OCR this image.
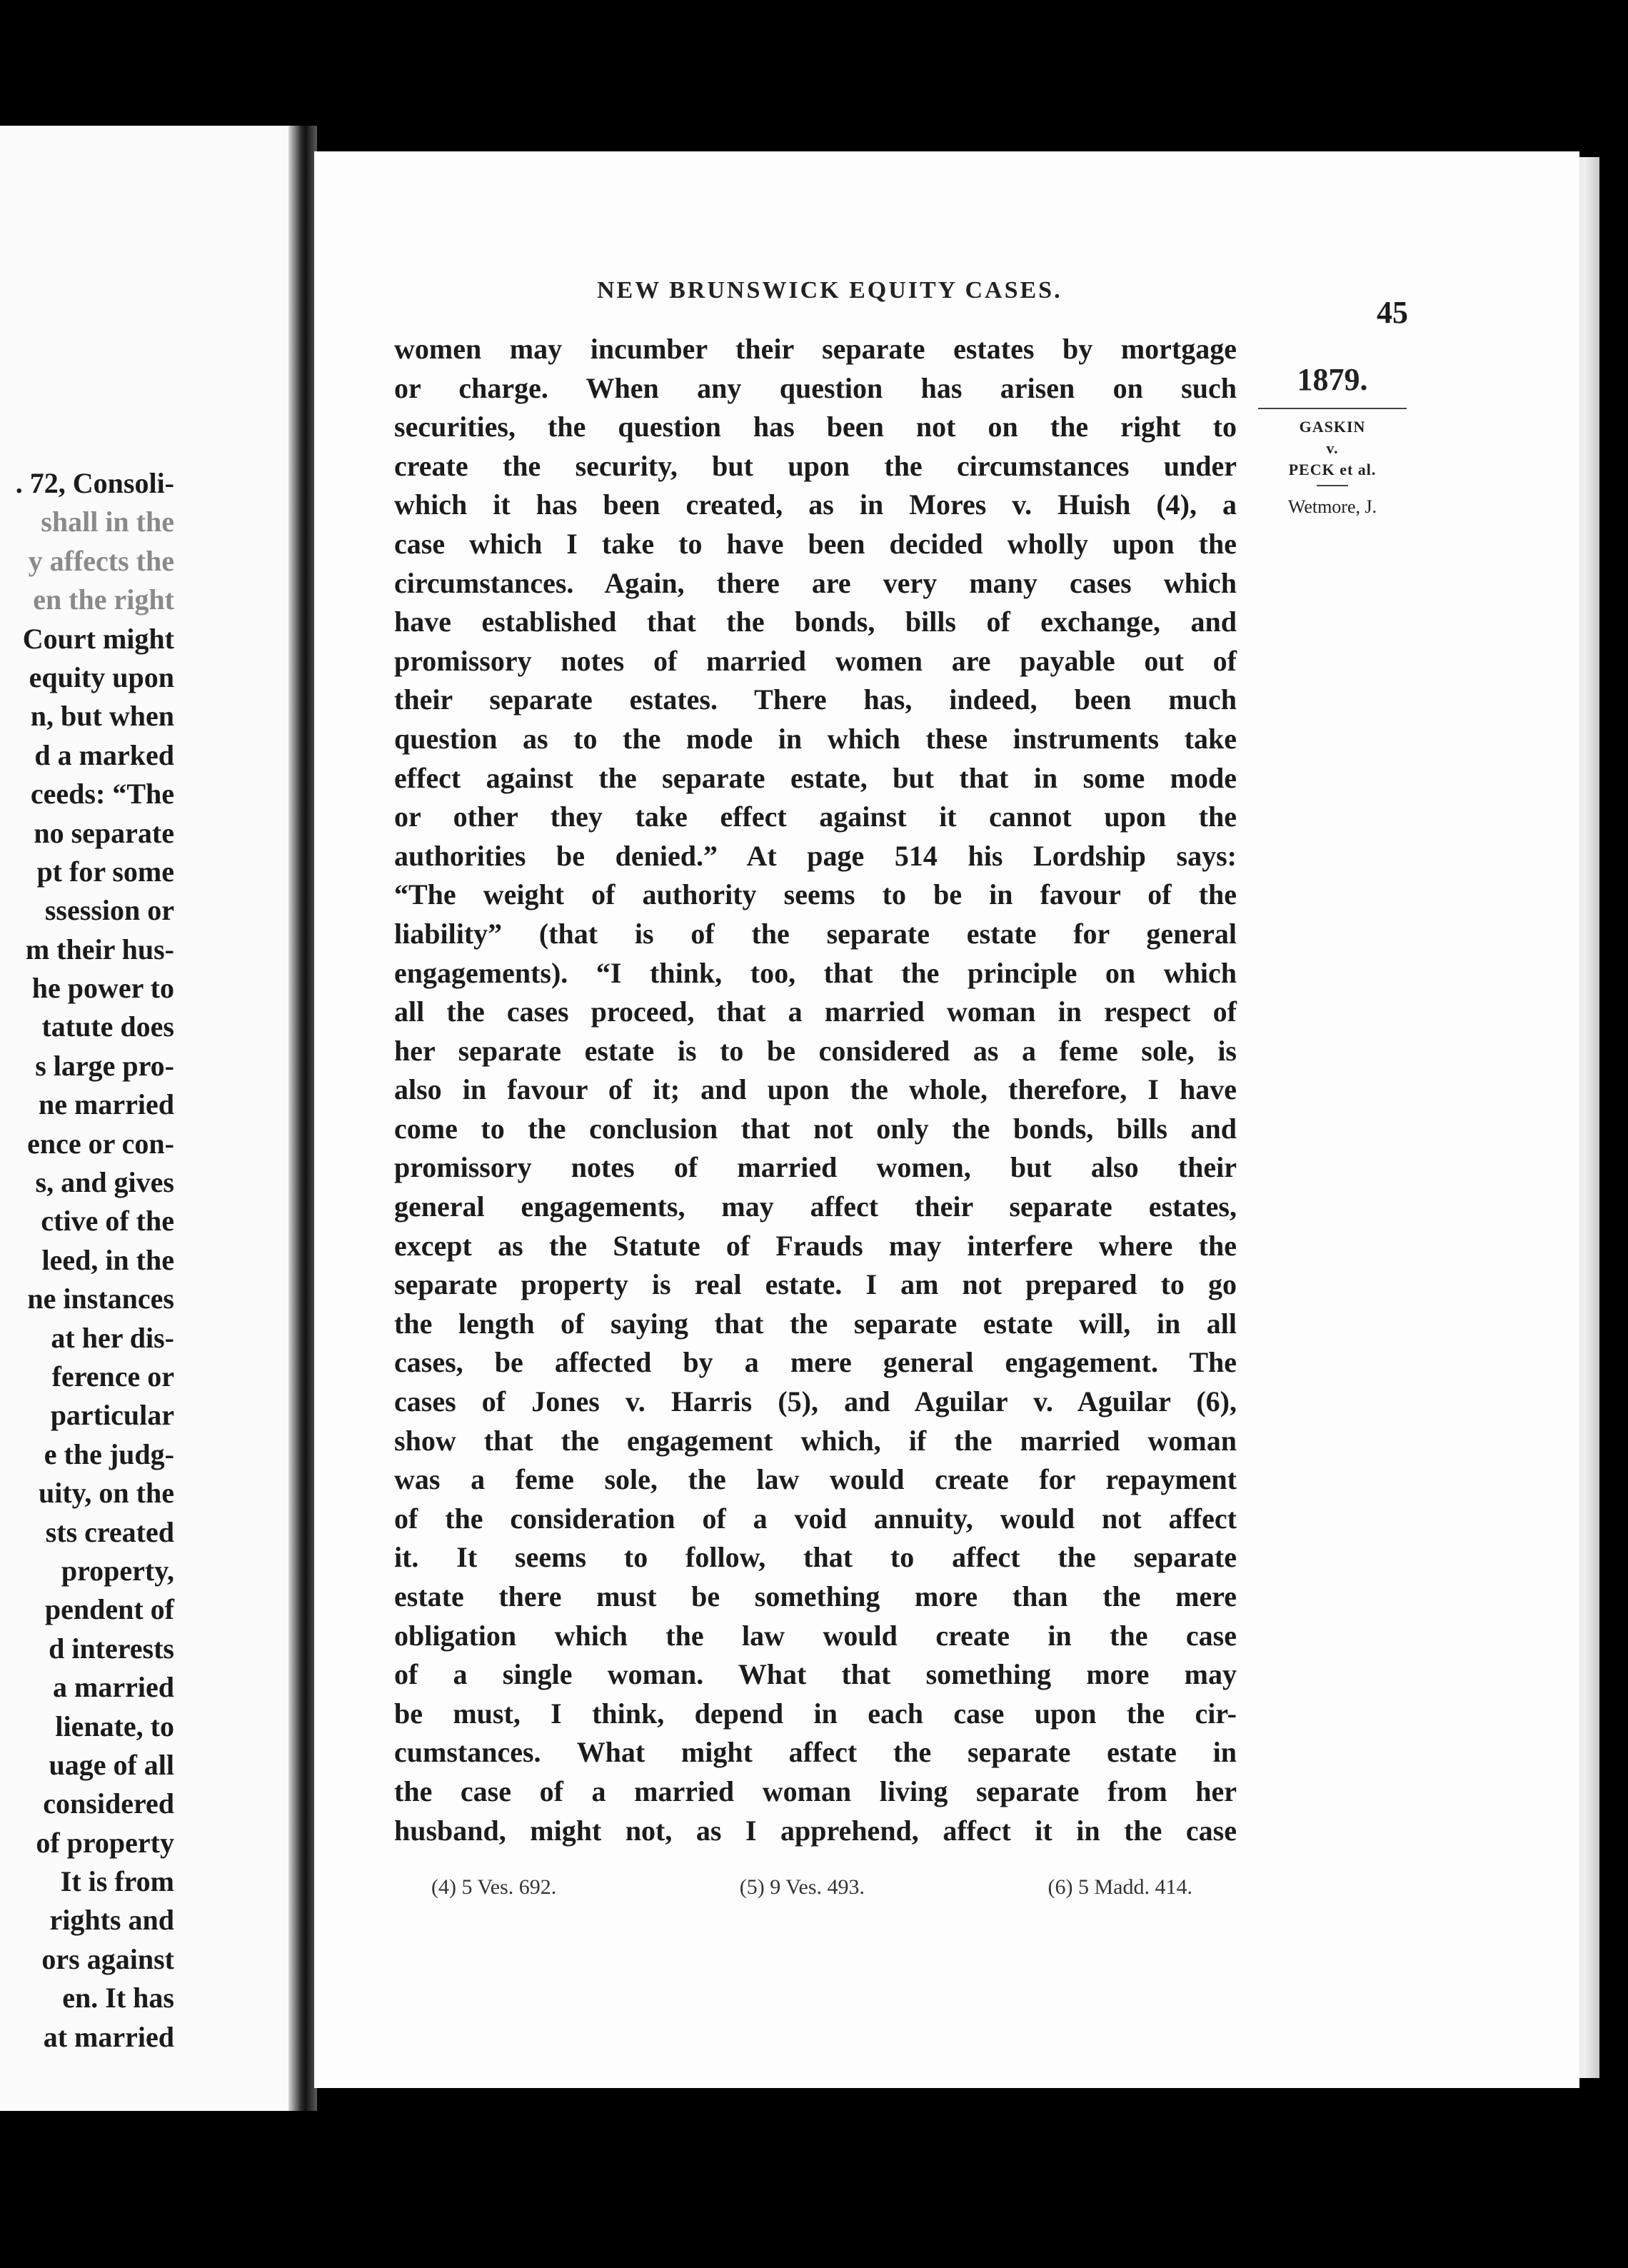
. 72, Consoli-
shall in the
y affects the
en the right
Court might
equity upon
n, but when
d a marked
ceeds: “The
no separate
pt for some
ssession or
m their hus-
he power to
tatute does
s large pro-
ne married
ence or con-
s, and gives
ctive of the
leed, in the
ne instances
at her dis-
ference or
particular
e the judg-
uity, on the
sts created
property,
pendent of
d interests
a married
lienate, to
uage of all
considered
of property
It is from
rights and
ors against
en. It has
at married
NEW BRUNSWICK EQUITY CASES.
45
1879.
GASKIN
v.
PECK et al.
Wetmore, J.
women may incumber their separate estates by mortgage
or charge. When any question has arisen on such
securities, the question has been not on the right to
create the security, but upon the circumstances under
which it has been created, as in Mores v. Huish (4), a
case which I take to have been decided wholly upon the
circumstances. Again, there are very many cases which
have established that the bonds, bills of exchange, and
promissory notes of married women are payable out of
their separate estates. There has, indeed, been much
question as to the mode in which these instruments take
effect against the separate estate, but that in some mode
or other they take effect against it cannot upon the
authorities be denied.” At page 514 his Lordship says:
“The weight of authority seems to be in favour of the
liability” (that is of the separate estate for general
engagements). “I think, too, that the principle on which
all the cases proceed, that a married woman in respect of
her separate estate is to be considered as a feme sole, is
also in favour of it; and upon the whole, therefore, I have
come to the conclusion that not only the bonds, bills and
promissory notes of married women, but also their
general engagements, may affect their separate estates,
except as the Statute of Frauds may interfere where the
separate property is real estate. I am not prepared to go
the length of saying that the separate estate will, in all
cases, be affected by a mere general engagement. The
cases of Jones v. Harris (5), and Aguilar v. Aguilar (6),
show that the engagement which, if the married woman
was a feme sole, the law would create for repayment
of the consideration of a void annuity, would not affect
it. It seems to follow, that to affect the separate
estate there must be something more than the mere
obligation which the law would create in the case
of a single woman. What that something more may
be must, I think, depend in each case upon the cir-
cumstances. What might affect the separate estate in
the case of a married woman living separate from her
husband, might not, as I apprehend, affect it in the case
(4) 5 Ves. 692.	(5) 9 Ves. 493.	(6) 5 Madd. 414.
